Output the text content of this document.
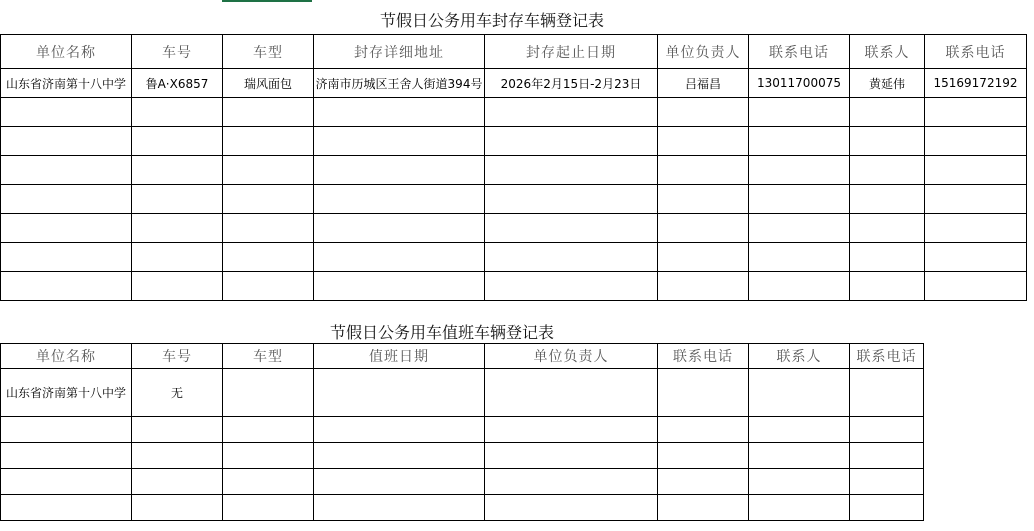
节假日公务用车封存车辆登记表
单位名称	车号	车型	封存详细地址	封存起止日期	单位负责人	联系电话	联系人	联系电话
山东省济南第十八中学	鲁A·X6857	瑞风面包	济南市历城区王舍人街道394号	2026年2月15日-2月23日	吕福昌	13011700075	黄延伟	15169172192

节假日公务用车值班车辆登记表
单位名称	车号	车型	值班日期	单位负责人	联系电话	联系人	联系电话
山东省济南第十八中学	无						
